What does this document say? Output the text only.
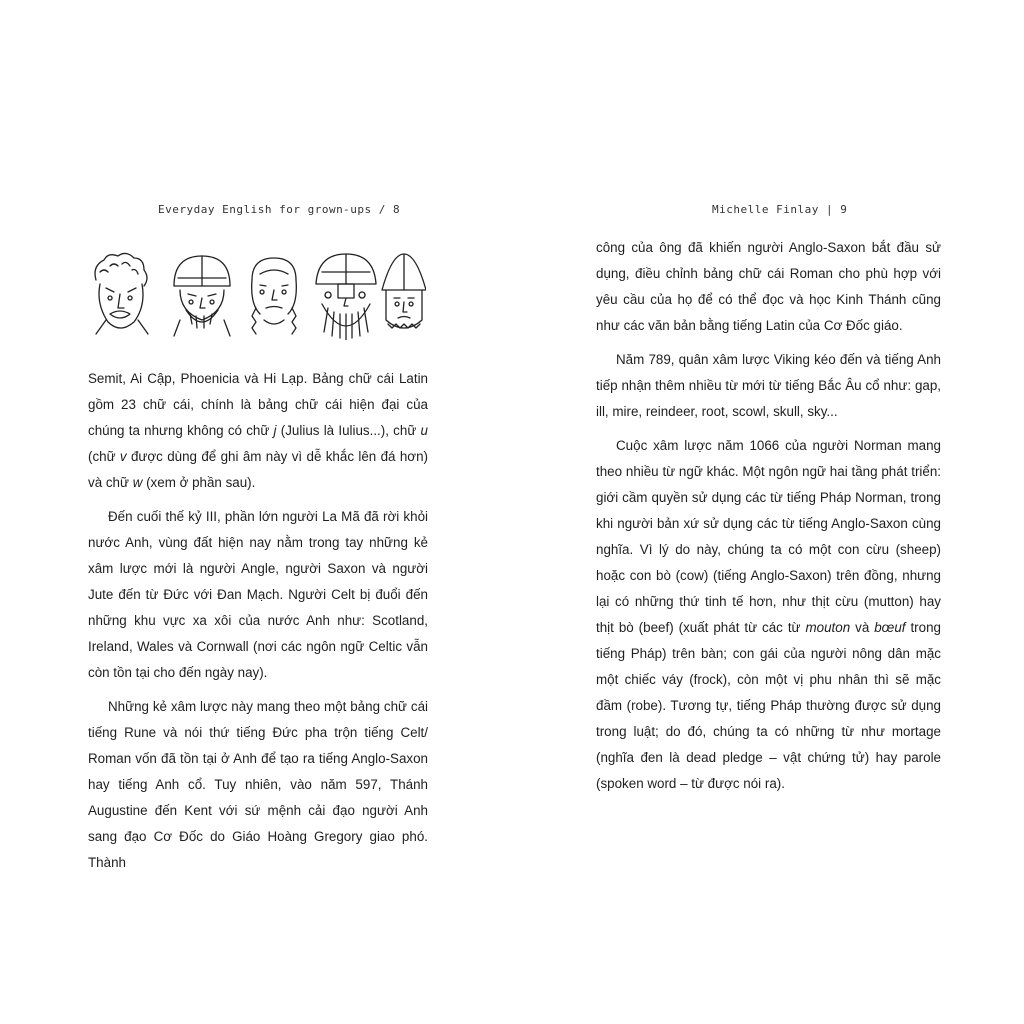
Everyday English for grown-ups / 8

Semit, Ai Cập, Phoenicia và Hi Lạp. Bảng chữ cái Latin gồm 23 chữ cái, chính là bảng chữ cái hiện đại của chúng ta nhưng không có chữ j (Julius là Iulius...), chữ u (chữ v được dùng để ghi âm này vì dễ khắc lên đá hơn) và chữ w (xem ở phần sau).

Đến cuối thế kỷ III, phần lớn người La Mã đã rời khỏi nước Anh, vùng đất hiện nay nằm trong tay những kẻ xâm lược mới là người Angle, người Saxon và người Jute đến từ Đức với Đan Mạch. Người Celt bị đuổi đến những khu vực xa xôi của nước Anh như: Scotland, Ireland, Wales và Cornwall (nơi các ngôn ngữ Celtic vẫn còn tồn tại cho đến ngày nay).

Những kẻ xâm lược này mang theo một bảng chữ cái tiếng Rune và nói thứ tiếng Đức pha trộn tiếng Celt/ Roman vốn đã tồn tại ở Anh để tạo ra tiếng Anglo-Saxon hay tiếng Anh cổ. Tuy nhiên, vào năm 597, Thánh Augustine đến Kent với sứ mệnh cải đạo người Anh sang đạo Cơ Đốc do Giáo Hoàng Gregory giao phó. Thành

Michelle Finlay | 9

công của ông đã khiến người Anglo-Saxon bắt đầu sử dụng, điều chỉnh bảng chữ cái Roman cho phù hợp với yêu cầu của họ để có thể đọc và học Kinh Thánh cũng như các văn bản bằng tiếng Latin của Cơ Đốc giáo.

Năm 789, quân xâm lược Viking kéo đến và tiếng Anh tiếp nhận thêm nhiều từ mới từ tiếng Bắc Âu cổ như: gap, ill, mire, reindeer, root, scowl, skull, sky...

Cuộc xâm lược năm 1066 của người Norman mang theo nhiều từ ngữ khác. Một ngôn ngữ hai tầng phát triển: giới cầm quyền sử dụng các từ tiếng Pháp Norman, trong khi người bản xứ sử dụng các từ tiếng Anglo-Saxon cùng nghĩa. Vì lý do này, chúng ta có một con cừu (sheep) hoặc con bò (cow) (tiếng Anglo-Saxon) trên đồng, nhưng lại có những thứ tinh tế hơn, như thịt cừu (mutton) hay thịt bò (beef) (xuất phát từ các từ mouton và bœuf trong tiếng Pháp) trên bàn; con gái của người nông dân mặc một chiếc váy (frock), còn một vị phu nhân thì sẽ mặc đầm (robe). Tương tự, tiếng Pháp thường được sử dụng trong luật; do đó, chúng ta có những từ như mortage (nghĩa đen là dead pledge – vật chứng tử) hay parole (spoken word – từ được nói ra).
